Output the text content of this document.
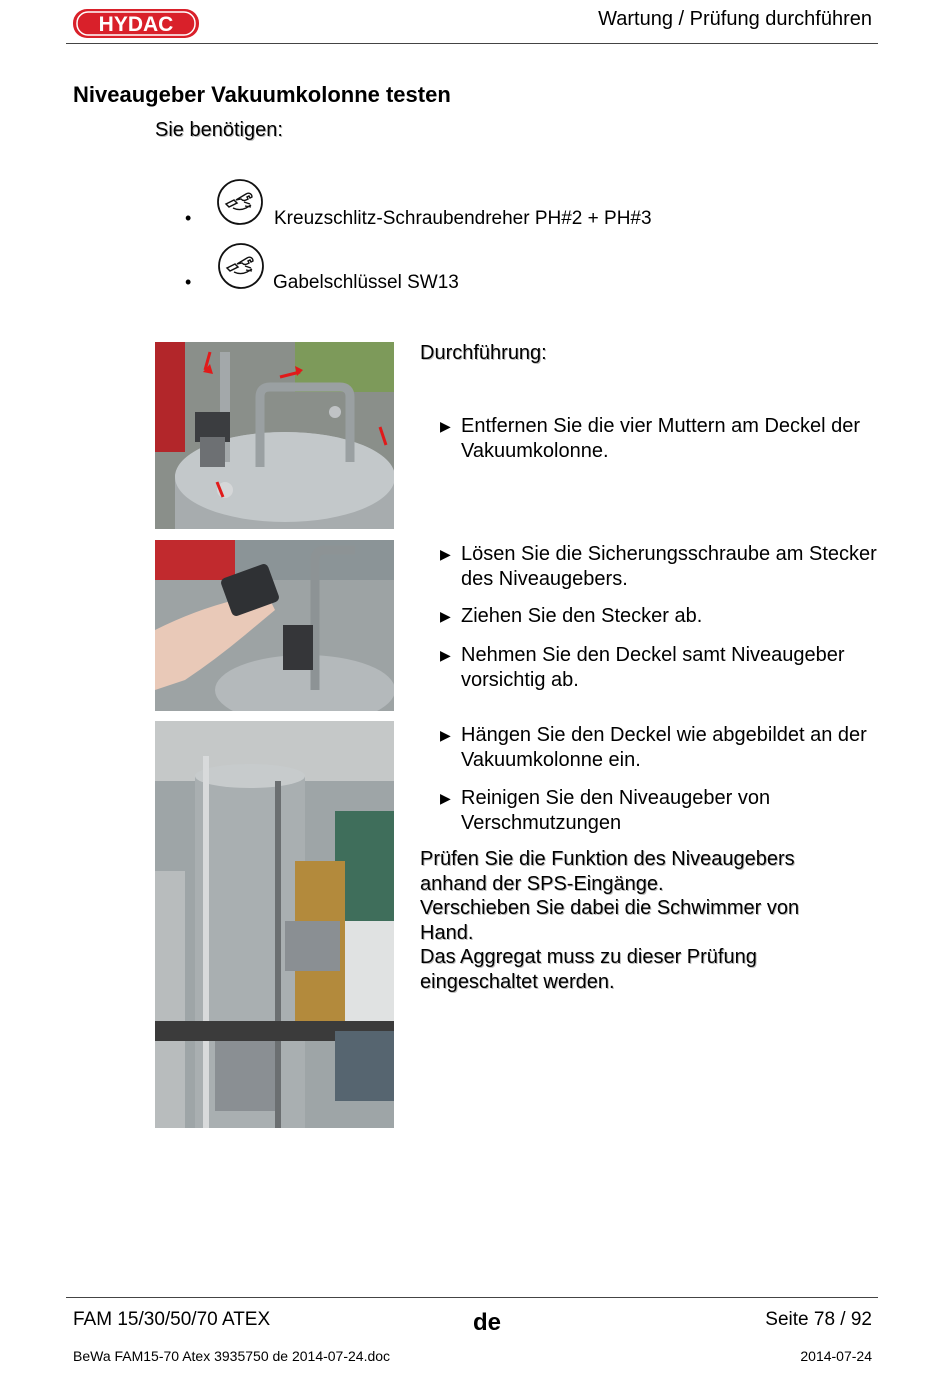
HYDAC	Wartung / Prüfung durchführen
Niveaugeber Vakuumkolonne testen
Sie benötigen:
•	Kreuzschlitz-Schraubendreher PH#2 + PH#3
•	Gabelschlüssel SW13
Durchführung:
▶ Entfernen Sie die vier Muttern am Deckel der Vakuumkolonne.
▶ Lösen Sie die Sicherungsschraube am Stecker des Niveaugebers.
▶ Ziehen Sie den Stecker ab.
▶ Nehmen Sie den Deckel samt Niveaugeber vorsichtig ab.
▶ Hängen Sie den Deckel wie abgebildet an der Vakuumkolonne ein.
▶ Reinigen Sie den Niveaugeber von Verschmutzungen
Prüfen Sie die Funktion des Niveaugebers
anhand der SPS-Eingänge.
Verschieben Sie dabei die Schwimmer von
Hand.
Das Aggregat muss zu dieser Prüfung
eingeschaltet werden.
FAM 15/30/50/70 ATEX	de	Seite 78 / 92
BeWa FAM15-70 Atex 3935750 de 2014-07-24.doc	2014-07-24
